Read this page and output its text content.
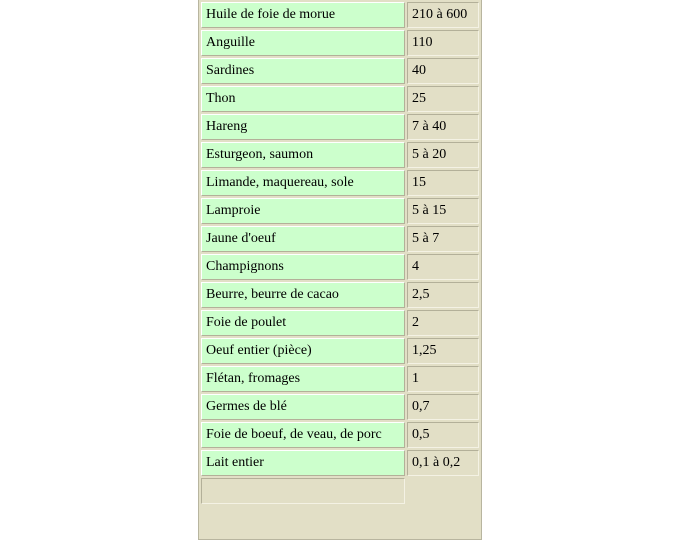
Huile de foie de morue	210 à 600
Anguille	110
Sardines	40
Thon	25
Hareng	7 à 40
Esturgeon, saumon	5 à 20
Limande, maquereau, sole	15
Lamproie	5 à 15
Jaune d'oeuf	5 à 7
Champignons	4
Beurre, beurre de cacao	2,5
Foie de poulet	2
Oeuf entier (pièce)	1,25
Flétan, fromages	1
Germes de blé	0,7
Foie de boeuf, de veau, de porc	0,5
Lait entier	0,1 à 0,2
